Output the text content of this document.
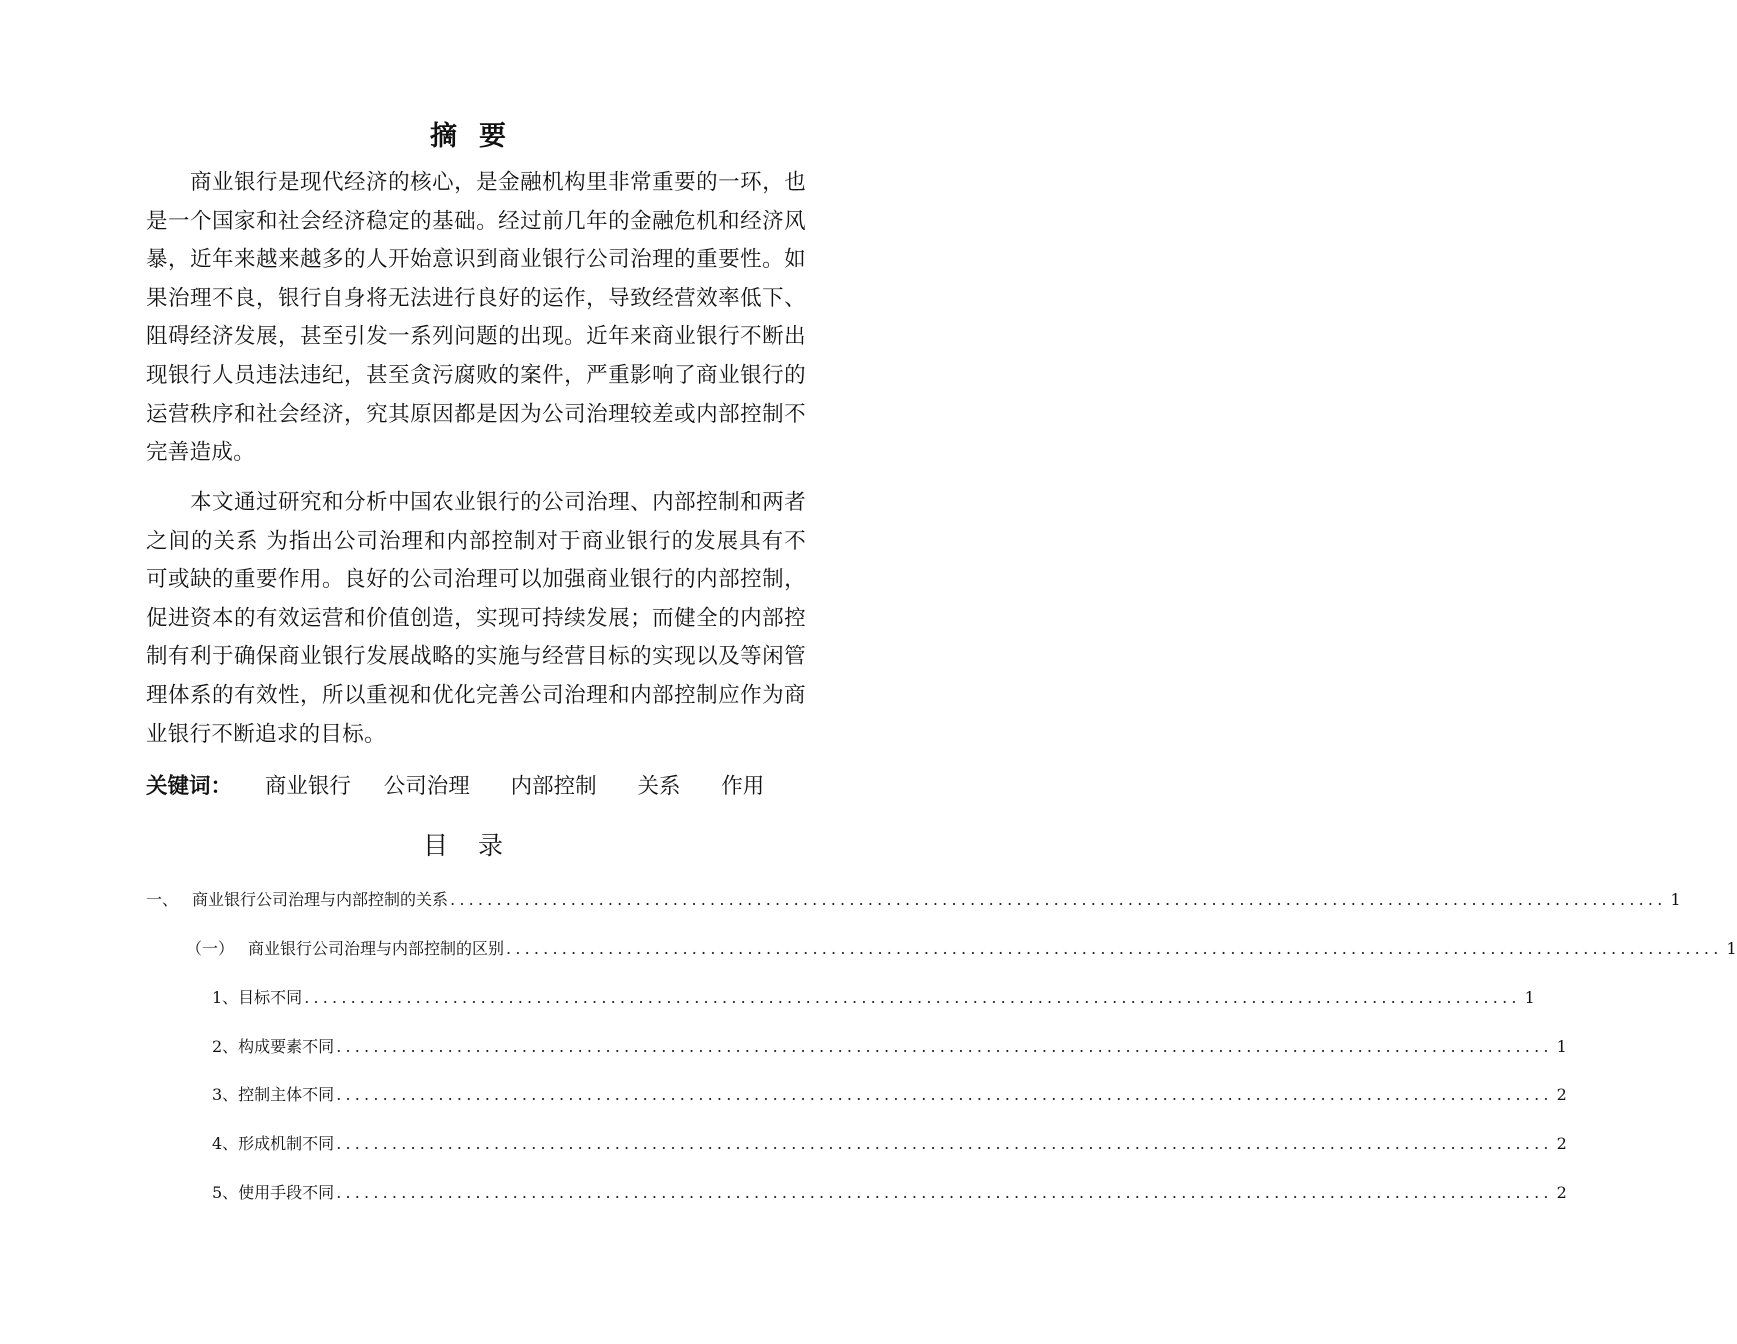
摘要

商业银行是现代经济的核心，是金融机构里非常重要的一环，也是一个国家和社会经济稳定的基础。经过前几年的金融危机和经济风暴，近年来越来越多的人开始意识到商业银行公司治理的重要性。如果治理不良，银行自身将无法进行良好的运作，导致经营效率低下、阻碍经济发展，甚至引发一系列问题的出现。近年来商业银行不断出现银行人员违法违纪，甚至贪污腐败的案件，严重影响了商业银行的运营秩序和社会经济，究其原因都是因为公司治理较差或内部控制不完善造成。

本文通过研究和分析中国农业银行的公司治理、内部控制和两者之间的关系 为指出公司治理和内部控制对于商业银行的发展具有不可或缺的重要作用。良好的公司治理可以加强商业银行的内部控制，促进资本的有效运营和价值创造，实现可持续发展；而健全的内部控制有利于确保商业银行发展战略的实施与经营目标的实现以及等闲管理体系的有效性，所以重视和优化完善公司治理和内部控制应作为商业银行不断追求的目标。

关键词： 商业银行 公司治理 内部控制 关系 作用
目录
一、 商业银行公司治理与内部控制的关系 ................................................................................................................................... 1
（一） 商业银行公司治理与内部控制的区别 ................................................................................................................................... 1
1、目标不同 ................................................................................................................................... 1
2、构成要素不同 ................................................................................................................................... 1
3、控制主体不同 ................................................................................................................................... 2
4、形成机制不同 ................................................................................................................................... 2
5、使用手段不同 ................................................................................................................................... 2
